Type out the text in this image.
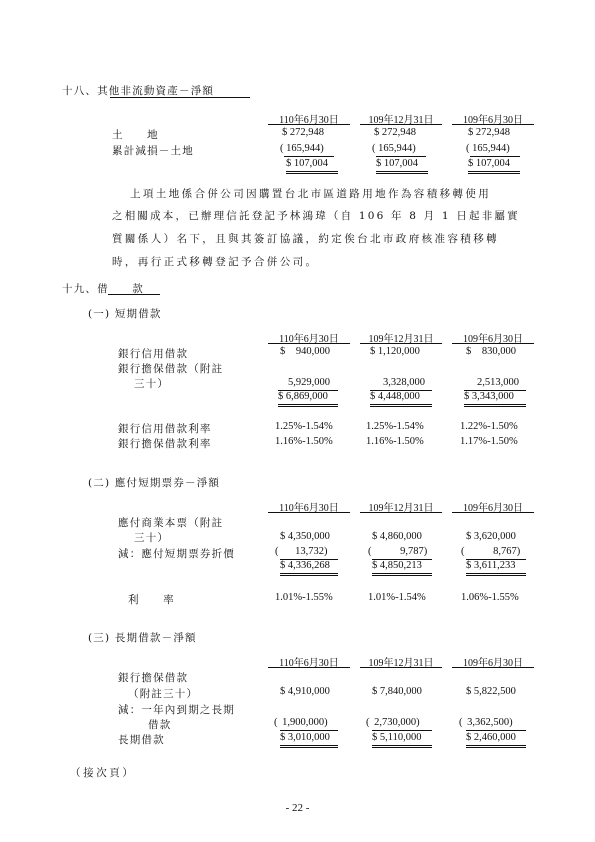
十八、其他非流動資產－淨額
110年6月30日	109年12月31日	109年6月30日
土　　地	$ 272,948	$ 272,948	$ 272,948
累計減損－土地	( 165,944)	( 165,944)	( 165,944)
$ 107,004	$ 107,004	$ 107,004
上項土地係合併公司因購置台北市區道路用地作為容積移轉使用
之相關成本，已辦理信託登記予林鴻瑋（自 106 年 8 月 1 日起非屬實
質關係人）名下，且與其簽訂協議，約定俟台北市政府核准容積移轉
時，再行正式移轉登記予合併公司。
十九、借　　款
(一) 短期借款
110年6月30日	109年12月31日	109年6月30日
銀行信用借款	$ 940,000	$ 1,120,000	$ 830,000
銀行擔保借款（附註
三十）	5,929,000	3,328,000	2,513,000
$ 6,869,000	$ 4,448,000	$ 3,343,000
銀行信用借款利率	1.25%-1.54%	1.25%-1.54%	1.22%-1.50%
銀行擔保借款利率	1.16%-1.50%	1.16%-1.50%	1.17%-1.50%
(二) 應付短期票券－淨額
110年6月30日	109年12月31日	109年6月30日
應付商業本票（附註
三十）	$ 4,350,000	$ 4,860,000	$ 3,620,000
減：應付短期票券折價	( 13,732)	( 9,787)	( 8,767)
$ 4,336,268	$ 4,850,213	$ 3,611,233
利　　率	1.01%-1.55%	1.01%-1.54%	1.06%-1.55%
(三) 長期借款－淨額
110年6月30日	109年12月31日	109年6月30日
銀行擔保借款
（附註三十）	$ 4,910,000	$ 7,840,000	$ 5,822,500
減：一年內到期之長期
借款	( 1,900,000)	( 2,730,000)	( 3,362,500)
長期借款	$ 3,010,000	$ 5,110,000	$ 2,460,000
（接次頁）
- 22 -
